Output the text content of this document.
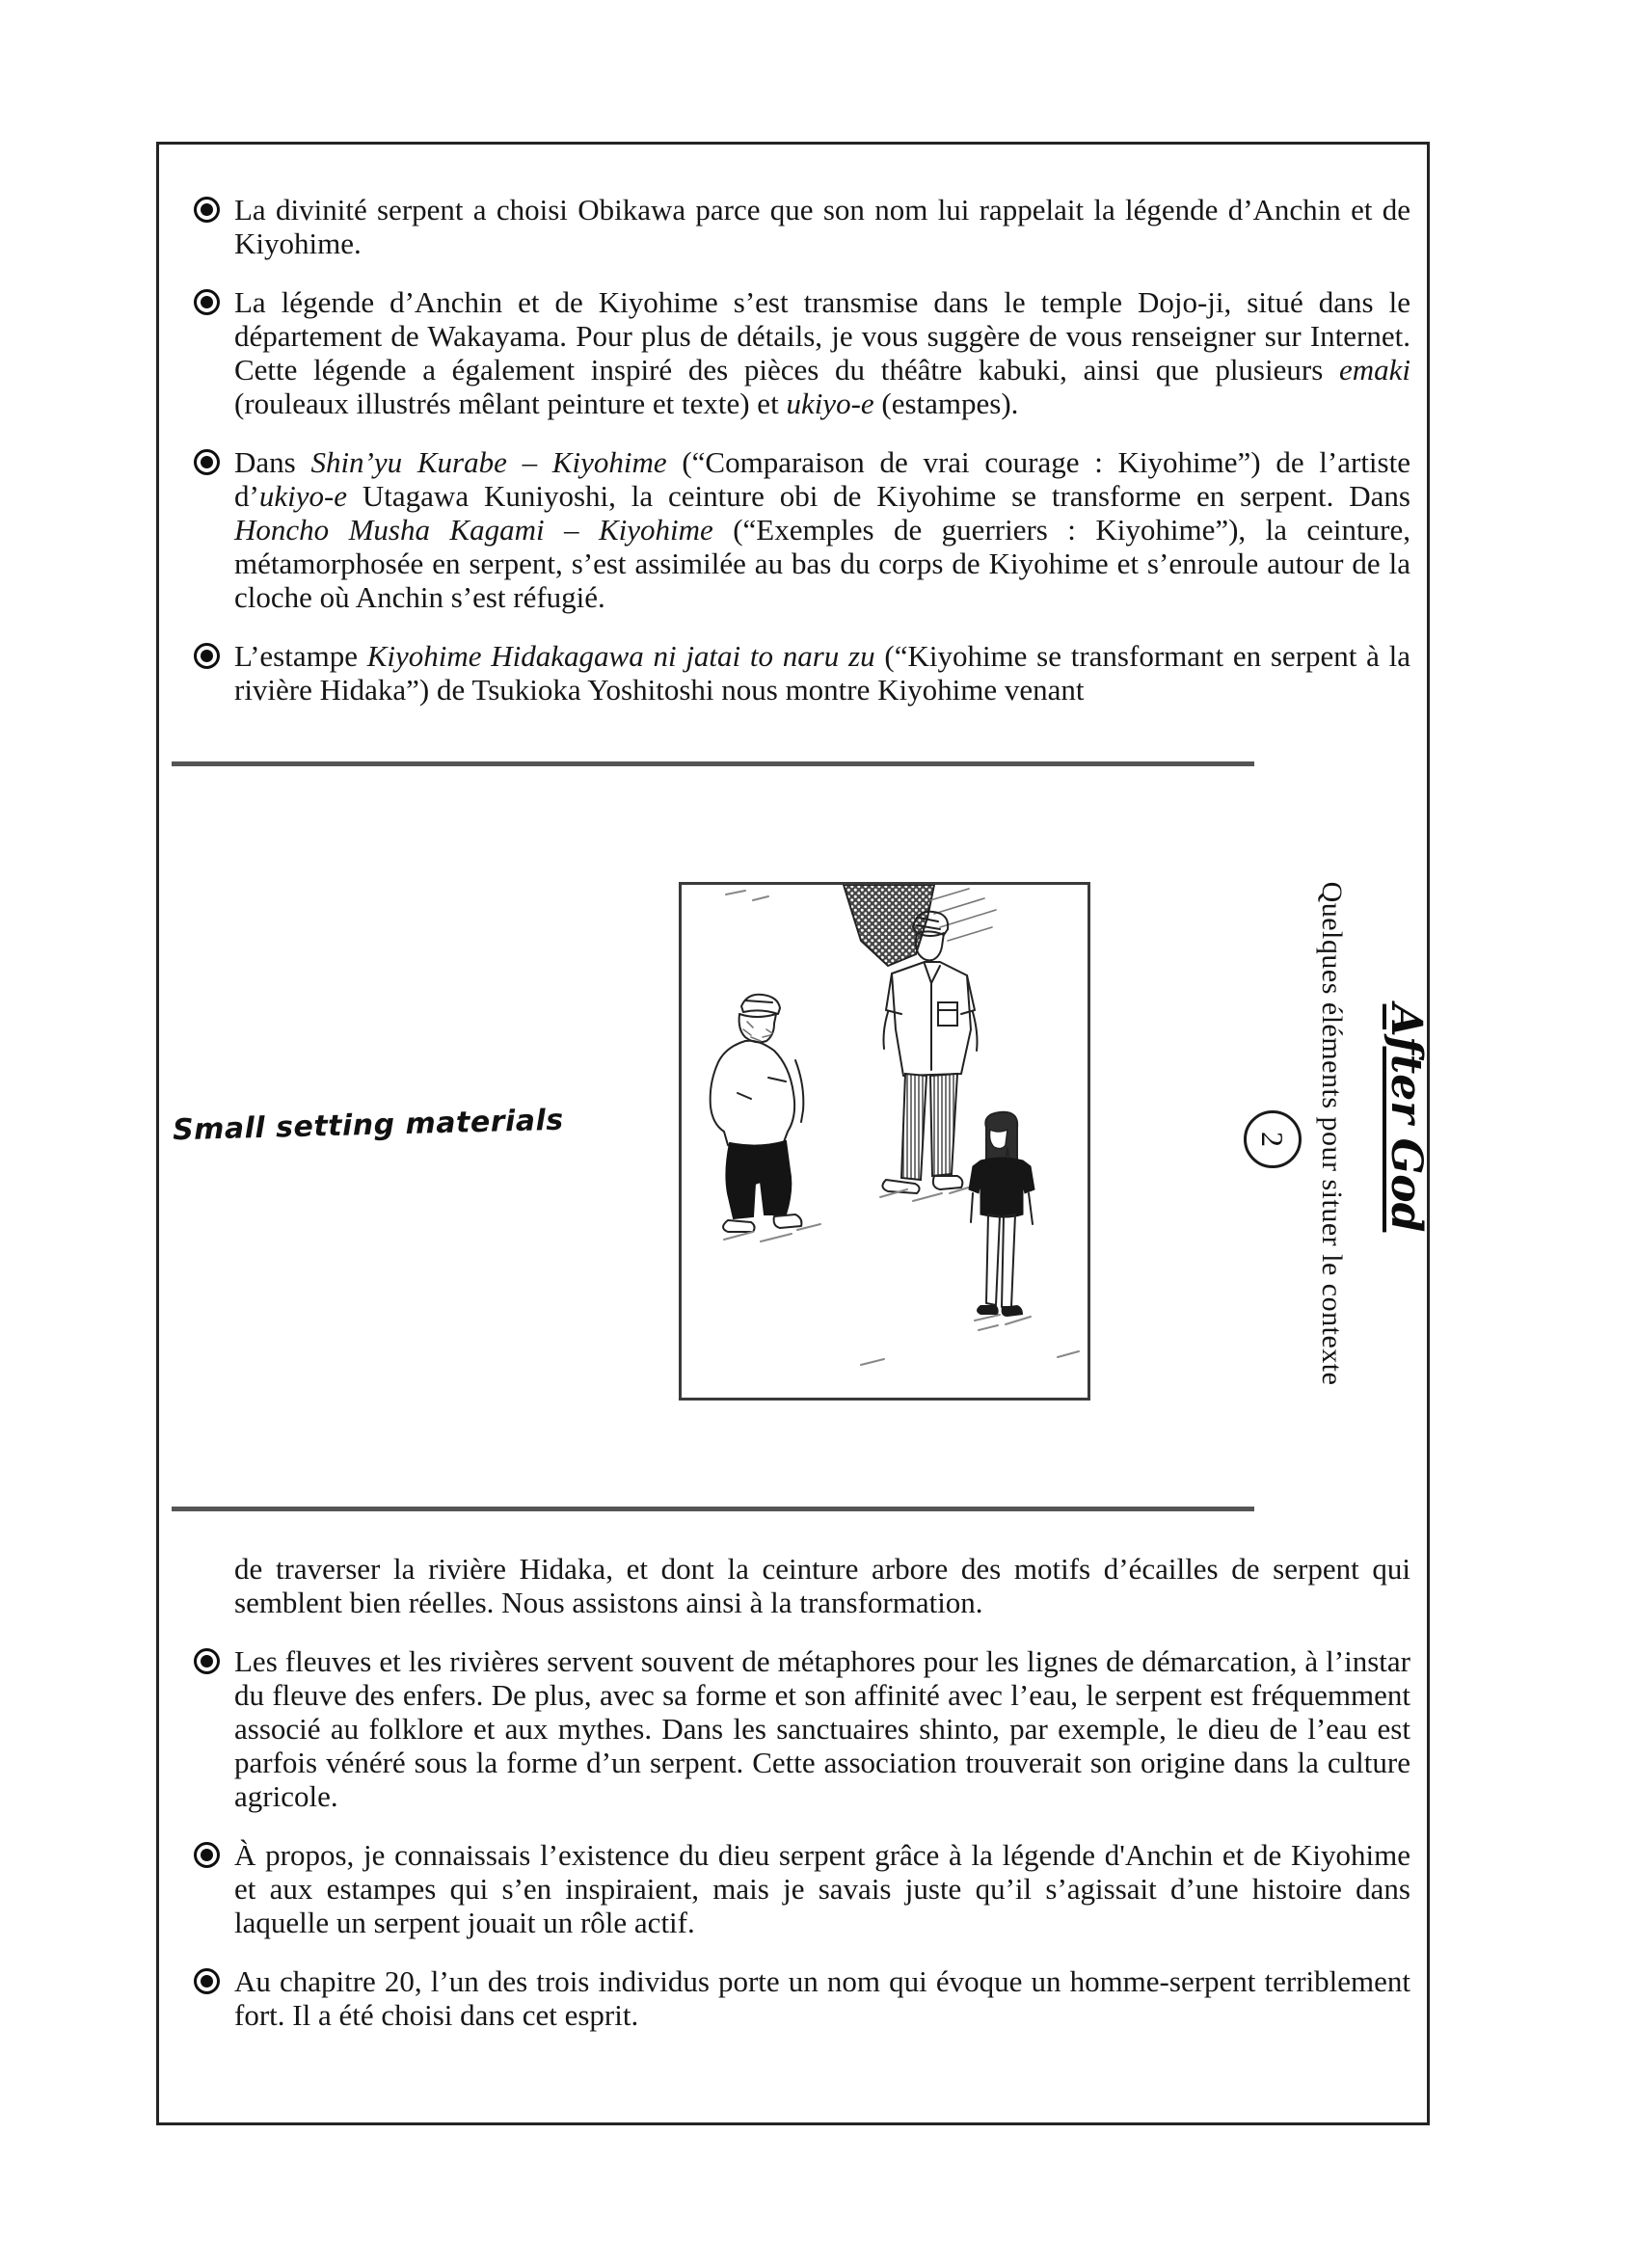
La divinité serpent a choisi Obikawa parce que son nom lui rappelait la légende d’Anchin et de Kiyohime.
La légende d’Anchin et de Kiyohime s’est transmise dans le temple Dojo-ji, situé dans le département de Wakayama. Pour plus de détails, je vous suggère de vous renseigner sur Internet. Cette légende a également inspiré des pièces du théâtre kabuki, ainsi que plusieurs emaki (rouleaux illustrés mêlant peinture et texte) et ukiyo-e (estampes).
Dans Shin’yu Kurabe – Kiyohime (“Comparaison de vrai courage : Kiyohime”) de l’artiste d’ukiyo-e Utagawa Kuniyoshi, la ceinture obi de Kiyohime se transforme en serpent. Dans Honcho Musha Kagami – Kiyohime (“Exemples de guerriers : Kiyohime”), la ceinture, métamorphosée en serpent, s’est assimilée au bas du corps de Kiyohime et s’enroule autour de la cloche où Anchin s’est réfugié.
L’estampe Kiyohime Hidakagawa ni jatai to naru zu (“Kiyohime se transformant en serpent à la rivière Hidaka”) de Tsukioka Yoshitoshi nous montre Kiyohime venant
Small setting materials	Quelques éléments pour situer le contexte After God
2
de traverser la rivière Hidaka, et dont la ceinture arbore des motifs d’écailles de serpent qui semblent bien réelles. Nous assistons ainsi à la transformation.
Les fleuves et les rivières servent souvent de métaphores pour les lignes de démarcation, à l’instar du fleuve des enfers. De plus, avec sa forme et son affinité avec l’eau, le serpent est fréquemment associé au folklore et aux mythes. Dans les sanctuaires shinto, par exemple, le dieu de l’eau est parfois vénéré sous la forme d’un serpent. Cette association trouverait son origine dans la culture agricole.
À propos, je connaissais l’existence du dieu serpent grâce à la légende d'Anchin et de Kiyohime et aux estampes qui s’en inspiraient, mais je savais juste qu’il s’agissait d’une histoire dans laquelle un serpent jouait un rôle actif.
Au chapitre 20, l’un des trois individus porte un nom qui évoque un homme-serpent terriblement fort. Il a été choisi dans cet esprit.
